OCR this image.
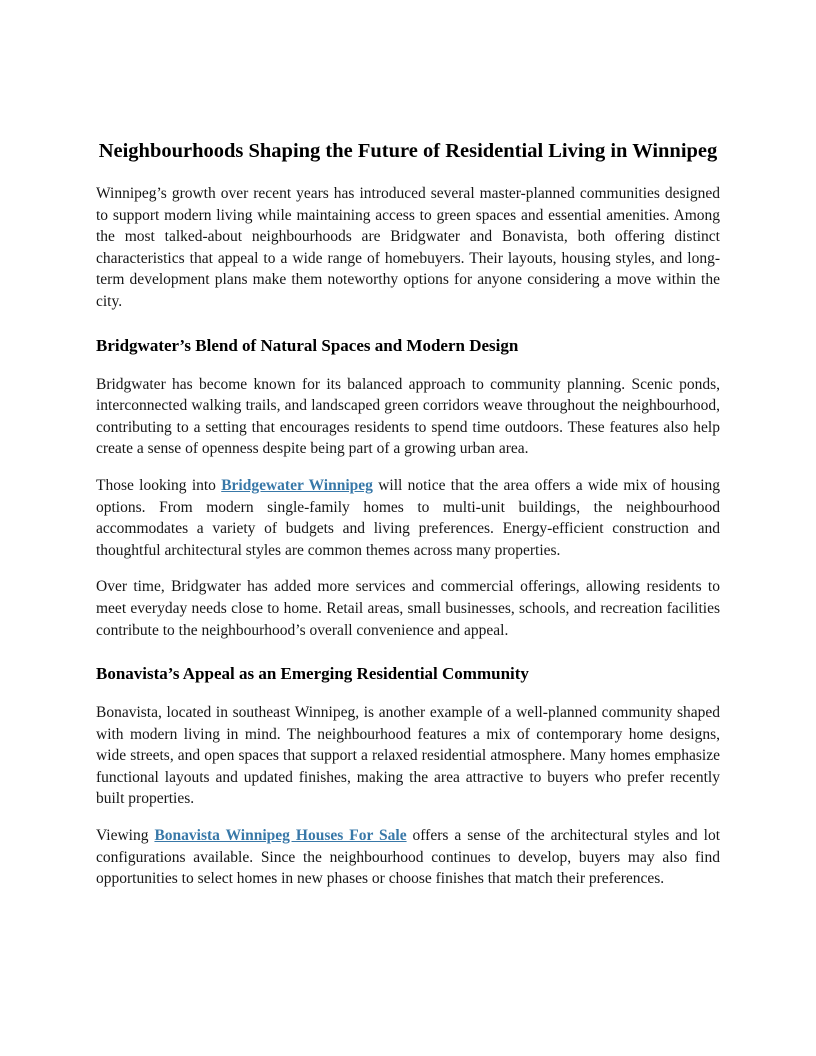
Neighbourhoods Shaping the Future of Residential Living in Winnipeg

Winnipeg’s growth over recent years has introduced several master-planned communities designed to support modern living while maintaining access to green spaces and essential amenities. Among the most talked-about neighbourhoods are Bridgwater and Bonavista, both offering distinct characteristics that appeal to a wide range of homebuyers. Their layouts, housing styles, and long-term development plans make them noteworthy options for anyone considering a move within the city.

Bridgwater’s Blend of Natural Spaces and Modern Design

Bridgwater has become known for its balanced approach to community planning. Scenic ponds, interconnected walking trails, and landscaped green corridors weave throughout the neighbourhood, contributing to a setting that encourages residents to spend time outdoors. These features also help create a sense of openness despite being part of a growing urban area.

Those looking into Bridgewater Winnipeg will notice that the area offers a wide mix of housing options. From modern single-family homes to multi-unit buildings, the neighbourhood accommodates a variety of budgets and living preferences. Energy-efficient construction and thoughtful architectural styles are common themes across many properties.

Over time, Bridgwater has added more services and commercial offerings, allowing residents to meet everyday needs close to home. Retail areas, small businesses, schools, and recreation facilities contribute to the neighbourhood’s overall convenience and appeal.

Bonavista’s Appeal as an Emerging Residential Community

Bonavista, located in southeast Winnipeg, is another example of a well-planned community shaped with modern living in mind. The neighbourhood features a mix of contemporary home designs, wide streets, and open spaces that support a relaxed residential atmosphere. Many homes emphasize functional layouts and updated finishes, making the area attractive to buyers who prefer recently built properties.

Viewing Bonavista Winnipeg Houses For Sale offers a sense of the architectural styles and lot configurations available. Since the neighbourhood continues to develop, buyers may also find opportunities to select homes in new phases or choose finishes that match their preferences.
